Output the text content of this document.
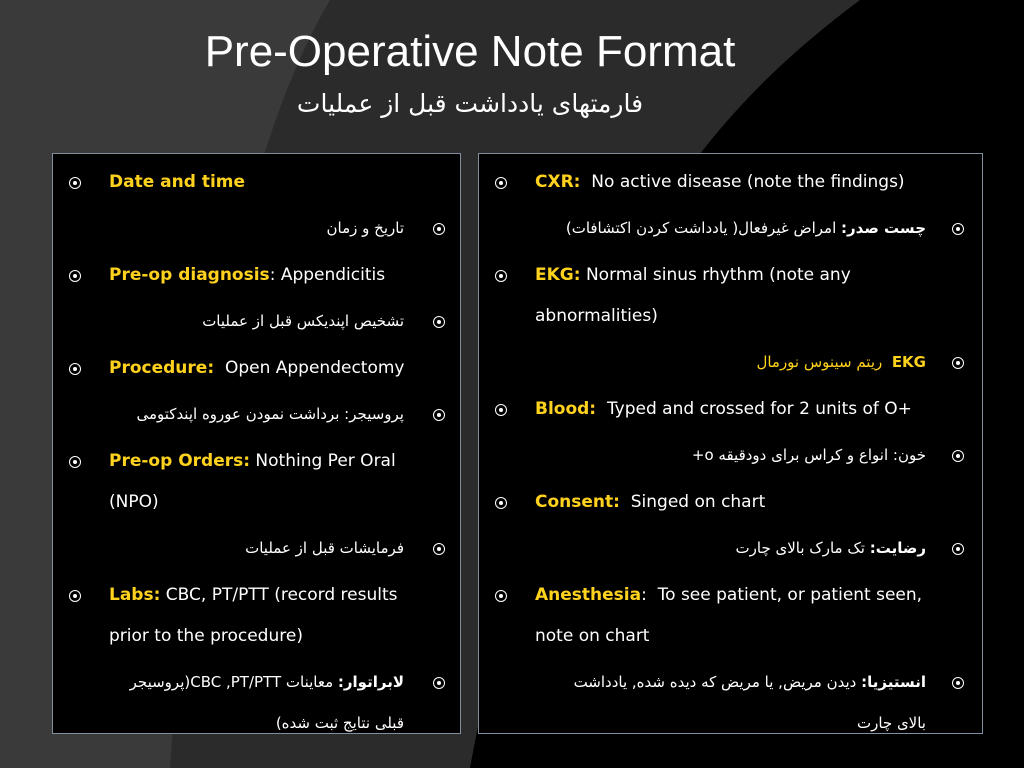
Pre-Operative Note Format
فارمتهای یادداشت قبل از عملیات
Date and time
تاریخ و زمان
Pre-op diagnosis: Appendicitis
تشخیص اپندیکس قبل از عملیات
Procedure: Open Appendectomy
پروسیجر: برداشت نمودن عوروه اپندکتومی
Pre-op Orders: Nothing Per Oral
(NPO)
فرمایشات قبل از عملیات
Labs: CBC, PT/PTT (record results
prior to the procedure)
لابراتوار: معاینات CBC ,PT/PTT(پروسیجر
قبلی نتایج ثبت شده)
CXR: No active disease (note the findings)
چست صدر: امراض غیرفعال( یادداشت کردن اکتشافات)
EKG: Normal sinus rhythm (note any
abnormalities)
EKG  ریتم سینوس نورمال
Blood: Typed and crossed for 2 units of O+
خون: انواع و کراس برای دودقیقه o+
Consent: Singed on chart
رضایت: تک مارک بالای چارت
Anesthesia: To see patient, or patient seen,
note on chart
انستیزیا: دیدن مریض, یا مریض که دیده شده, یادداشت
بالای چارت
